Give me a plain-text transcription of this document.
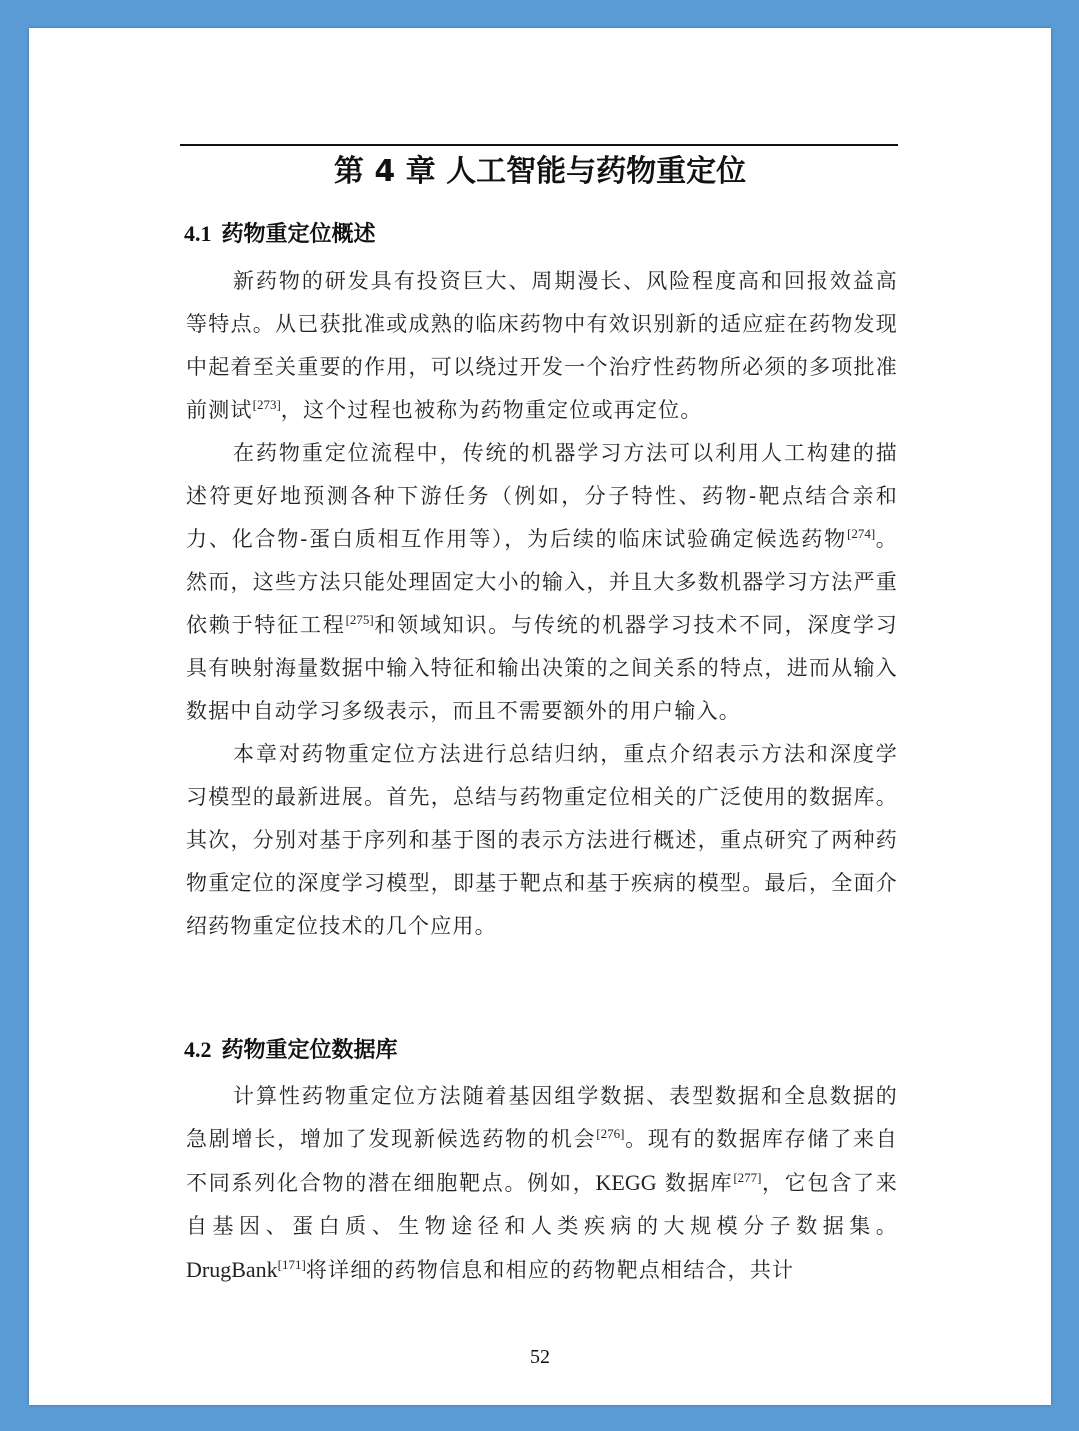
第 4 章 人工智能与药物重定位
4.1 药物重定位概述

新药物的研发具有投资巨大、周期漫长、风险程度高和回报效益高等特点。从已获批准或成熟的临床药物中有效识别新的适应症在药物发现中起着至关重要的作用，可以绕过开发一个治疗性药物所必须的多项批准前测试[273]，这个过程也被称为药物重定位或再定位。

在药物重定位流程中，传统的机器学习方法可以利用人工构建的描述符更好地预测各种下游任务（例如，分子特性、药物-靶点结合亲和力、化合物-蛋白质相互作用等），为后续的临床试验确定候选药物[274]。然而，这些方法只能处理固定大小的输入，并且大多数机器学习方法严重依赖于特征工程[275]和领域知识。与传统的机器学习技术不同，深度学习具有映射海量数据中输入特征和输出决策的之间关系的特点，进而从输入数据中自动学习多级表示，而且不需要额外的用户输入。

本章对药物重定位方法进行总结归纳，重点介绍表示方法和深度学习模型的最新进展。首先，总结与药物重定位相关的广泛使用的数据库。其次，分别对基于序列和基于图的表示方法进行概述，重点研究了两种药物重定位的深度学习模型，即基于靶点和基于疾病的模型。最后，全面介绍药物重定位技术的几个应用。

4.2 药物重定位数据库

计算性药物重定位方法随着基因组学数据、表型数据和全息数据的急剧增长，增加了发现新候选药物的机会[276]。现有的数据库存储了来自不同系列化合物的潜在细胞靶点。例如，KEGG 数据库[277]，它包含了来自基因、蛋白质、生物途径和人类疾病的大规模分子数据集。DrugBank[171]将详细的药物信息和相应的药物靶点相结合，共计

52
